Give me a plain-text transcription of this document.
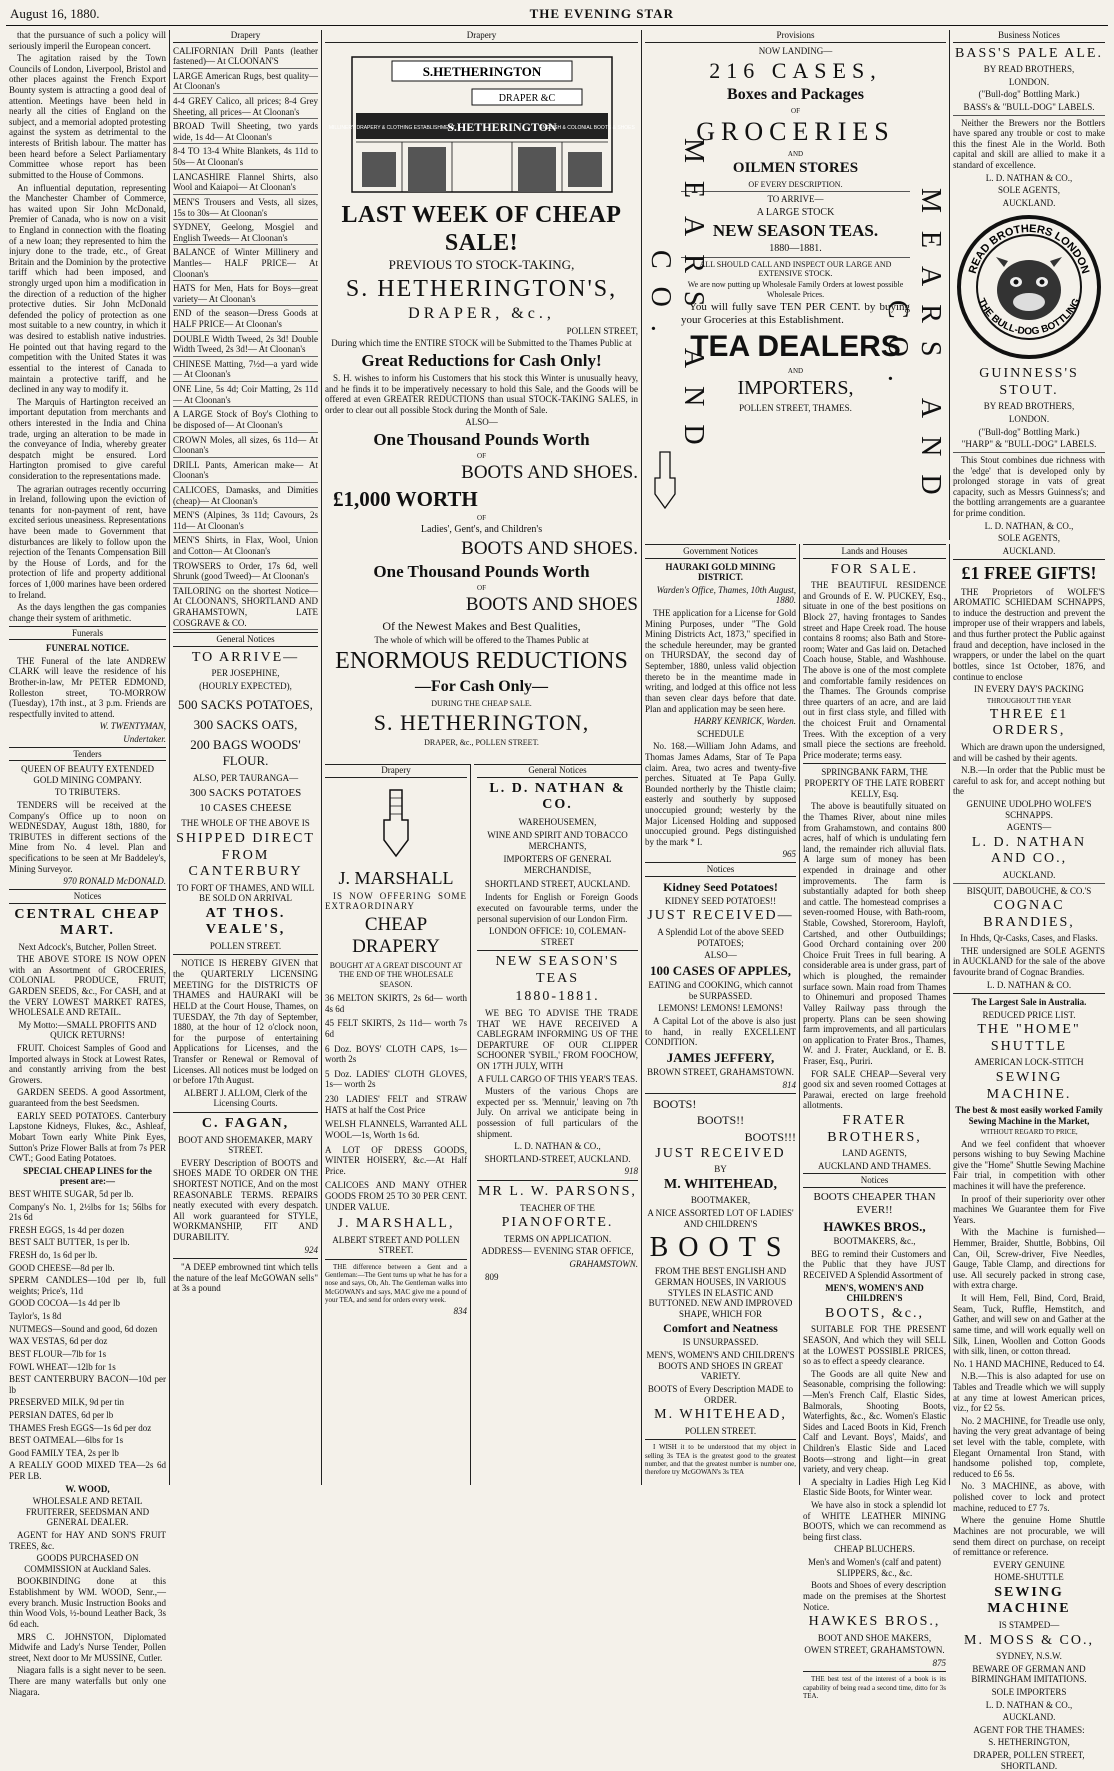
August 16, 1880.	THE EVENING STAR

that the pursuance of such a policy will seriously imperil the European concert.

The agitation raised by the Town Councils of London, Liverpool, Bristol and other places against the French Export Bounty system is attracting a good deal of attention. Meetings have been held in nearly all the cities of England on the subject, and a memorial adopted protesting against the system as detrimental to the interests of British labour. The matter has been heard before a Select Parliamentary Committee whose report has been submitted to the House of Commons.

An influential deputation, representing the Manchester Chamber of Commerce, has waited upon Sir John McDonald, Premier of Canada, who is now on a visit to England in connection with the floating of a new loan; they represented to him the injury done to the trade, etc., of Great Britain and the Dominion by the protective tariff which had been imposed, and strongly urged upon him a modification in the direction of a reduction of the higher protective duties. Sir John McDonald defended the policy of protection as one most suitable to a new country, in which it was desired to establish native industries. He pointed out that having regard to the competition with the United States it was essential to the interest of Canada to maintain a protective tariff, and he declined in any way to modify it.

The Marquis of Hartington received an important deputation from merchants and others interested in the India and China trade, urging an alteration to be made in the conveyance of India, whereby greater despatch might be ensured. Lord Hartington promised to give careful consideration to the representations made.

The agrarian outrages recently occurring in Ireland, following upon the eviction of tenants for non-payment of rent, have excited serious uneasiness. Representations have been made to Government that disturbances are likely to follow upon the rejection of the Tenants Compensation Bill by the House of Lords, and for the protection of life and property additional forces of 1,000 marines have been ordered to Ireland.

As the days lengthen the gas companies change their system of arithmetic.

Funerals

FUNERAL NOTICE.

THE Funeral of the late ANDREW CLARK will leave the residence of his Brother-in-law, Mr PETER EDMOND, Rolleston street, TO-MORROW (Tuesday), 17th inst., at 3 p.m. Friends are respectfully invited to attend.

W. TWENTYMAN,

Undertaker.

Tenders

QUEEN OF BEAUTY EXTENDED GOLD MINING COMPANY.

TO TRIBUTERS.

TENDERS will be received at the Company's Office up to noon on WEDNESDAY, August 18th, 1880, for TRIBUTES in different sections of the Mine from No. 4 level. Plan and specifications to be seen at Mr Baddeley's, Mining Surveyor.

970 RONALD McDONALD.

Notices

CENTRAL CHEAP MART.

Next Adcock's, Butcher, Pollen Street.

THE ABOVE STORE IS NOW OPEN with an Assortment of GROCERIES, COLONIAL PRODUCE, FRUIT, GARDEN SEEDS, &c., For CASH, and at the VERY LOWEST MARKET RATES, WHOLESALE AND RETAIL.

My Motto:—SMALL PROFITS AND QUICK RETURNS!

FRUIT. Choicest Samples of Good and Imported always in Stock at Lowest Rates, and constantly arriving from the best Growers.

GARDEN SEEDS. A good Assortment, guaranteed from the best Seedsmen.

EARLY SEED POTATOES. Canterbury Lapstone Kidneys, Flukes, &c., Ashleaf, Mobart Town early White Pink Eyes, Sutton's Prize Flower Balls at from 7s PER CWT.; Good Eating Potatoes.

SPECIAL CHEAP LINES for the present are:—

BEST WHITE SUGAR, 5d per lb.

Company's No. 1, 2½lbs for 1s; 56lbs for 21s 6d

FRESH EGGS, 1s 4d per dozen

BEST SALT BUTTER, 1s per lb.

FRESH do, 1s 6d per lb.

GOOD CHEESE—8d per lb.

SPERM CANDLES—10d per lb, full weights; Price's, 11d

GOOD COCOA—1s 4d per lb

Taylor's, 1s 8d

NUTMEGS—Sound and good, 6d dozen

WAX VESTAS, 6d per doz

BEST FLOUR—7lb for 1s

FOWL WHEAT—12lb for 1s

BEST CANTERBURY BACON—10d per lb

PRESERVED MILK, 9d per tin

PERSIAN DATES, 6d per lb

THAMES Fresh EGGS—1s 6d per doz

BEST OATMEAL—6lbs for 1s

Good FAMILY TEA, 2s per lb

A REALLY GOOD MIXED TEA—2s 6d PER LB.

W. WOOD,

WHOLESALE AND RETAIL FRUITERER, SEEDSMAN AND GENERAL DEALER.

AGENT for HAY AND SON'S FRUIT TREES, &c.

GOODS PURCHASED ON COMMISSION at Auckland Sales.

BOOKBINDING done at this Establishment by WM. WOOD, Senr.,—every branch. Music Instruction Books and thin Wood Vols, ½-bound Leather Back, 3s 6d each.

MRS C. JOHNSTON, Diplomated Midwife and Lady's Nurse Tender, Pollen street, Next door to Mr MUSSINE, Cutler.

Niagara falls is a sight never to be seen. There are many waterfalls but only one Niagara.

Drapery

CALIFORNIAN Drill Pants (leather fastened)— At CLOONAN'S

LARGE American Rugs, best quality— At Cloonan's

4-4 GREY Calico, all prices; 8-4 Grey Sheeting, all prices— At Cloonan's

BROAD Twill Sheeting, two yards wide, 1s 4d— At Cloonan's

8-4 TO 13-4 White Blankets, 4s 11d to 50s— At Cloonan's

LANCASHIRE Flannel Shirts, also Wool and Kaiapoi— At Cloonan's

MEN'S Trousers and Vests, all sizes, 15s to 30s— At Cloonan's

SYDNEY, Geelong, Mosgiel and English Tweeds— At Cloonan's

BALANCE of Winter Millinery and Mantles— HALF PRICE— At Cloonan's

HATS for Men, Hats for Boys—great variety— At Cloonan's

END of the season—Dress Goods at HALF PRICE— At Cloonan's

DOUBLE Width Tweed, 2s 3d! Double Width Tweed, 2s 3d!— At Cloonan's

CHINESE Matting, 7½d—a yard wide— At Cloonan's

ONE Line, 5s 4d; Coir Matting, 2s 11d— At Cloonan's

A LARGE Stock of Boy's Clothing to be disposed of— At Cloonan's

CROWN Moles, all sizes, 6s 11d— At Cloonan's

DRILL Pants, American make— At Cloonan's

CALICOES, Damasks, and Dimities (cheap)— At Cloonan's

MEN'S (Alpines, 3s 11d; Cavours, 2s 11d— At Cloonan's

MEN'S Shirts, in Flax, Wool, Union and Cotton— At Cloonan's

TROWSERS to Order, 17s 6d, well Shrunk (good Tweed)— At Cloonan's

TAILORING on the shortest Notice— At CLOONAN'S, SHORTLAND AND GRAHAMSTOWN, LATE COSGRAVE & CO.

General Notices

TO ARRIVE—

PER JOSEPHINE,

(HOURLY EXPECTED),

500 SACKS POTATOES,

300 SACKS OATS,

200 BAGS WOODS' FLOUR.

ALSO, PER TAURANGA—

300 SACKS POTATOES

10 CASES CHEESE

THE WHOLE OF THE ABOVE IS

SHIPPED DIRECT FROM CANTERBURY

TO FORT OF THAMES, AND WILL BE SOLD ON ARRIVAL

AT THOS. VEALE'S,

POLLEN STREET.

NOTICE IS HEREBY GIVEN that the QUARTERLY LICENSING MEETING for the DISTRICTS OF THAMES and HAURAKI will be HELD at the Court House, Thames, on TUESDAY, the 7th day of September, 1880, at the hour of 12 o'clock noon, for the purpose of entertaining Applications for Licenses, and the Transfer or Renewal or Removal of Licenses. All notices must be lodged on or before 17th August.

ALBERT J. ALLOM, Clerk of the Licensing Courts.

C. FAGAN,

BOOT AND SHOEMAKER, MARY STREET.

EVERY Description of BOOTS and SHOES MADE TO ORDER ON THE SHORTEST NOTICE, And on the most REASONABLE TERMS. REPAIRS neatly executed with every despatch. All work guaranteed for STYLE, WORKMANSHIP, FIT AND DURABILITY.

924

"A DEEP embrowned tint which tells the nature of the leaf McGOWAN sells" at 3s a pound

Drapery
S.HETHERINGTON
DRAPER &C
MILLINERY DRAPERY & CLOTHING ESTABLISHMENT
S.HETHERINGTON
ENGLISH & COLONIAL BOOTS & SHOES
LAST WEEK OF CHEAP SALE!

PREVIOUS TO STOCK-TAKING,

S. HETHERINGTON'S,

DRAPER, &c.,

POLLEN STREET,

During which time the ENTIRE STOCK will be Submitted to the Thames Public at

Great Reductions for Cash Only!

S. H. wishes to inform his Customers that his stock this Winter is unusually heavy, and he finds it to be imperatively necessary to hold this Sale, and the Goods will be offered at even GREATER REDUCTIONS than usual STOCK-TAKING SALES, in order to clear out all possible Stock during the Month of Sale.

ALSO—

One Thousand Pounds Worth

OF

BOOTS AND SHOES.

£1,000 WORTH

OF

Ladies', Gent's, and Children's

BOOTS AND SHOES.

One Thousand Pounds Worth

OF

BOOTS AND SHOES

Of the Newest Makes and Best Qualities,

The whole of which will be offered to the Thames Public at

ENORMOUS REDUCTIONS

—For Cash Only—

DURING THE CHEAP SALE.

S. HETHERINGTON,

DRAPER, &c., POLLEN STREET.

Drapery

J. MARSHALL

IS NOW OFFERING SOME EXTRAORDINARY

CHEAP DRAPERY

BOUGHT AT A GREAT DISCOUNT AT THE END OF THE WHOLESALE SEASON.

36 MELTON SKIRTS, 2s 6d— worth 4s 6d

45 FELT SKIRTS, 2s 11d— worth 7s 6d

6 Doz. BOYS' CLOTH CAPS, 1s— worth 2s

5 Doz. LADIES' CLOTH GLOVES, 1s— worth 2s

230 LADIES' FELT and STRAW HATS at half the Cost Price

WELSH FLANNELS, Warranted ALL WOOL—1s, Worth 1s 6d.

A LOT OF DRESS GOODS, WINTER HOISERY, &c.—At Half Price.

CALICOES AND MANY OTHER GOODS FROM 25 TO 30 PER CENT. UNDER VALUE.

J. MARSHALL,

ALBERT STREET AND POLLEN STREET.

THE difference between a Gent and a Gentleman:—The Gent turns up what he has for a nose and says, Oh, Ah. The Gentleman walks into McGOWAN's and says, MAC give me a pound of your TEA, and send for orders every week.

834

General Notices

L. D. NATHAN & CO.

WAREHOUSEMEN,

WINE AND SPIRIT AND TOBACCO MERCHANTS,

IMPORTERS OF GENERAL MERCHANDISE,

SHORTLAND STREET, AUCKLAND.

Indents for English or Foreign Goods executed on favourable terms, under the personal supervision of our London Firm.

LONDON OFFICE: 10, COLEMAN-STREET

NEW SEASON'S TEAS

1880-1881.

WE BEG TO ADVISE THE TRADE THAT WE HAVE RECEIVED A CABLEGRAM INFORMING US OF THE DEPARTURE OF OUR CLIPPER SCHOONER 'SYBIL,' FROM FOOCHOW, ON 17TH JULY, WITH

A FULL CARGO OF THIS YEAR'S TEAS.

Musters of the various Chops are expected per ss. 'Mennuir,' leaving on 7th July. On arrival we anticipate being in possession of full particulars of the shipment.

L. D. NATHAN & CO.,

SHORTLAND-STREET, AUCKLAND.

918

MR L. W. PARSONS,

TEACHER OF THE

PIANOFORTE.

TERMS ON APPLICATION.

ADDRESS— EVENING STAR OFFICE,

GRAHAMSTOWN.

809

Provisions
MEARS AND CO.	MEARS AND CO.

NOW LANDING—

216 CASES,

Boxes and Packages

OF

GROCERIES

AND

OILMEN STORES

OF EVERY DESCRIPTION.

TO ARRIVE—

A LARGE STOCK

NEW SEASON TEAS.

1880—1881.

ALL SHOULD CALL AND INSPECT OUR LARGE AND EXTENSIVE STOCK.

We are now putting up Wholesale Family Orders at lowest possible Wholesale Prices.

You will fully save TEN PER CENT. by buying your Groceries at this Establishment.

TEA DEALERS

AND

IMPORTERS,

POLLEN STREET, THAMES.

Government Notices

HAURAKI GOLD MINING DISTRICT.

Warden's Office, Thames, 10th August, 1880.

THE application for a License for Gold Mining Purposes, under "The Gold Mining Districts Act, 1873," specified in the schedule hereunder, may be granted on THURSDAY, the second day of September, 1880, unless valid objection thereto be in the meantime made in writing, and lodged at this office not less than seven clear days before that date. Plan and application may be seen here.

HARRY KENRICK, Warden.

SCHEDULE

No. 168.—William John Adams, and Thomas James Adams, Star of Te Papa claim. Area, two acres and twenty-five perches. Situated at Te Papa Gully. Bounded northerly by the Thistle claim; easterly and southerly by supposed unoccupied ground; westerly by the Major Licensed Holding and supposed unoccupied ground. Pegs distinguished by the mark * I.

965

Notices

Kidney Seed Potatoes!

KIDNEY SEED POTATOES!!

JUST RECEIVED—

A Splendid Lot of the above SEED POTATOES;

ALSO—

100 CASES OF APPLES,

EATING and COOKING, which cannot be SURPASSED.

LEMONS! LEMONS! LEMONS!

A Capital Lot of the above is also just to hand, in really EXCELLENT CONDITION.

JAMES JEFFERY,

BROWN STREET, GRAHAMSTOWN.

814

BOOTS!

BOOTS!!

BOOTS!!!

JUST RECEIVED

BY

M. WHITEHEAD,

BOOTMAKER,

A NICE ASSORTED LOT OF LADIES' AND CHILDREN'S

BOOTS

FROM THE BEST ENGLISH AND GERMAN HOUSES, IN VARIOUS STYLES IN ELASTIC AND BUTTONED. NEW AND IMPROVED SHAPE, WHICH FOR

Comfort and Neatness

IS UNSURPASSED.

MEN'S, WOMEN'S AND CHILDREN'S BOOTS AND SHOES IN GREAT VARIETY.

BOOTS of Every Description MADE to ORDER.

M. WHITEHEAD,

POLLEN STREET.

I WISH it to be understood that my object in selling 3s TEA is the greatest good to the greatest number, and that the greatest number is number one, therefore try McGOWAN's 3s TEA

Lands and Houses

FOR SALE.

THE BEAUTIFUL RESIDENCE and Grounds of E. W. PUCKEY, Esq., situate in one of the best positions on Block 27, having frontages to Sandes street and Hape Creek road. The house contains 8 rooms; also Bath and Store-room; Water and Gas laid on. Detached Coach house, Stable, and Washhouse. The above is one of the most complete and comfortable family residences on the Thames. The Grounds comprise three quarters of an acre, and are laid out in first class style, and filled with the choicest Fruit and Ornamental Trees. With the exception of a very small piece the sections are freehold. Price moderate; terms easy.

SPRINGBANK FARM, THE PROPERTY OF THE LATE ROBERT KELLY, Esq.

The above is beautifully situated on the Thames River, about nine miles from Grahamstown, and contains 800 acres, half of which is undulating fern land, the remainder rich alluvial flats. A large sum of money has been expended in drainage and other improvements. The farm is substantially adapted for both sheep and cattle. The homestead comprises a seven-roomed House, with Bath-room, Stable, Cowshed, Storeroom, Hayloft, Cartshed, and other Outbuildings; Good Orchard containing over 200 Choice Fruit Trees in full bearing. A considerable area is under grass, part of which is ploughed, the remainder surface sown. Main road from Thames to Ohinemuri and proposed Thames Valley Railway pass through the property. Plans can be seen showing farm improvements, and all particulars on application to Frater Bros., Thames, W. and J. Frater, Auckland, or E. B. Fraser, Esq., Puriri.

FOR SALE CHEAP—Several very good six and seven roomed Cottages at Parawai, erected on large freehold allotments.

FRATER BROTHERS,

LAND AGENTS,

AUCKLAND AND THAMES.

Notices

BOOTS CHEAPER THAN EVER!!

HAWKES BROS.,

BOOTMAKERS, &c.,

BEG to remind their Customers and the Public that they have JUST RECEIVED A Splendid Assortment of

MEN'S, WOMEN'S AND CHILDREN'S

BOOTS, &c.,

SUITABLE FOR THE PRESENT SEASON, And which they will SELL at the LOWEST POSSIBLE PRICES, so as to effect a speedy clearance.

The Goods are all quite New and Seasonable, comprising the following:—Men's French Calf, Elastic Sides, Balmorals, Shooting Boots, Waterfights, &c., &c. Women's Elastic Sides and Laced Boots in Kid, French Calf and Levant. Boys', Maids', and Children's Elastic Side and Laced Boots—strong and light—in great variety, and very cheap.

A specialty in Ladies High Leg Kid Elastic Side Boots, for Winter wear.

We have also in stock a splendid lot of WHITE LEATHER MINING BOOTS, which we can recommend as being first class.

CHEAP BLUCHERS.

Men's and Women's (calf and patent) SLIPPERS, &c., &c.

Boots and Shoes of every description made on the premises at the Shortest Notice.

HAWKES BROS.,

BOOT AND SHOE MAKERS,

OWEN STREET, GRAHAMSTOWN.

875

THE best test of the interest of a book is its capability of being read a second time, ditto for 3s TEA.

Business Notices

BASS'S PALE ALE.

BY READ BROTHERS,

LONDON.

("Bull-dog" Bottling Mark.)

BASS's & "BULL-DOG" LABELS.

Neither the Brewers nor the Bottlers have spared any trouble or cost to make this the finest Ale in the World. Both capital and skill are allied to make it a standard of excellence.

L. D. NATHAN & CO.,

SOLE AGENTS,

AUCKLAND.

READ BROTHERS LONDON
THE BULL-DOG BOTTLING

GUINNESS'S STOUT.

BY READ BROTHERS,

LONDON.

("Bull-dog" Bottling Mark.)

"HARP" & "BULL-DOG" LABELS.

This Stout combines due richness with the 'edge' that is developed only by prolonged storage in vats of great capacity, such as Messrs Guinness's; and the bottling arrangements are a guarantee for prime condition.

L. D. NATHAN, & CO.,

SOLE AGENTS,

AUCKLAND.

£1 FREE GIFTS!

THE Proprietors of WOLFE'S AROMATIC SCHIEDAM SCHNAPPS, to induce the destruction and prevent the improper use of their wrappers and labels, and thus further protect the Public against fraud and deception, have inclosed in the wrappers, or under the label on the quart bottles, since 1st October, 1876, and continue to enclose

IN EVERY DAY'S PACKING

THROUGHOUT THE YEAR

THREE £1 ORDERS,

Which are drawn upon the undersigned, and will be cashed by their agents.

N.B.—In order that the Public must be careful to ask for, and accept nothing but the

GENUINE UDOLPHO WOLFE'S SCHNAPPS.

AGENTS—

L. D. NATHAN AND CO.,

AUCKLAND.

BISQUIT, DABOUCHE, & CO.'S

COGNAC BRANDIES,

In Hhds, Qr-Casks, Cases, and Flasks.

THE undersigned are SOLE AGENTS in AUCKLAND for the sale of the above favourite brand of Cognac Brandies.

L. D. NATHAN & CO.

The Largest Sale in Australia.

REDUCED PRICE LIST.

THE "HOME" SHUTTLE

AMERICAN LOCK-STITCH

SEWING MACHINE.

The best & most easily worked Family Sewing Machine in the Market,

WITHOUT REGARD TO PRICE,

And we feel confident that whoever persons wishing to buy Sewing Machine give the "Home" Shuttle Sewing Machine Fair trial, in competition with other machines it will have the preference.

In proof of their superiority over other machines We Guarantee them for Five Years.

With the Machine is furnished—Hemmer, Braider, Shuttle, Bobbins, Oil Can, Oil, Screw-driver, Five Needles, Gauge, Table Clamp, and directions for use. All securely packed in strong case, with extra charge.

It will Hem, Fell, Bind, Cord, Braid, Seam, Tuck, Ruffle, Hemstitch, and Gather, and will sew on and Gather at the same time, and will work equally well on Silk, Linen, Woollen and Cotton Goods with silk, linen, or cotton thread.

No. 1 HAND MACHINE, Reduced to £4.

N.B.—This is also adapted for use on Tables and Treadle which we will supply at any time at lowest American prices, viz., for £2 5s.

No. 2 MACHINE, for Treadle use only, having the very great advantage of being set level with the table, complete, with Elegant Ornamental Iron Stand, with handsome polished top, complete, reduced to £6 5s.

No. 3 MACHINE, as above, with polished cover to lock and protect machine, reduced to £7 7s.

Where the genuine Home Shuttle Machines are not procurable, we will send them direct on purchase, on receipt of remittance or reference.

EVERY GENUINE

HOME-SHUTTLE

SEWING MACHINE

IS STAMPED—

M. MOSS & CO.,

SYDNEY, N.S.W.

BEWARE OF GERMAN AND BIRMINGHAM IMITATIONS.

SOLE IMPORTERS

L. D. NATHAN & CO.,

AUCKLAND.

AGENT FOR THE THAMES:

S. HETHERINGTON,

DRAPER, POLLEN STREET, SHORTLAND.
